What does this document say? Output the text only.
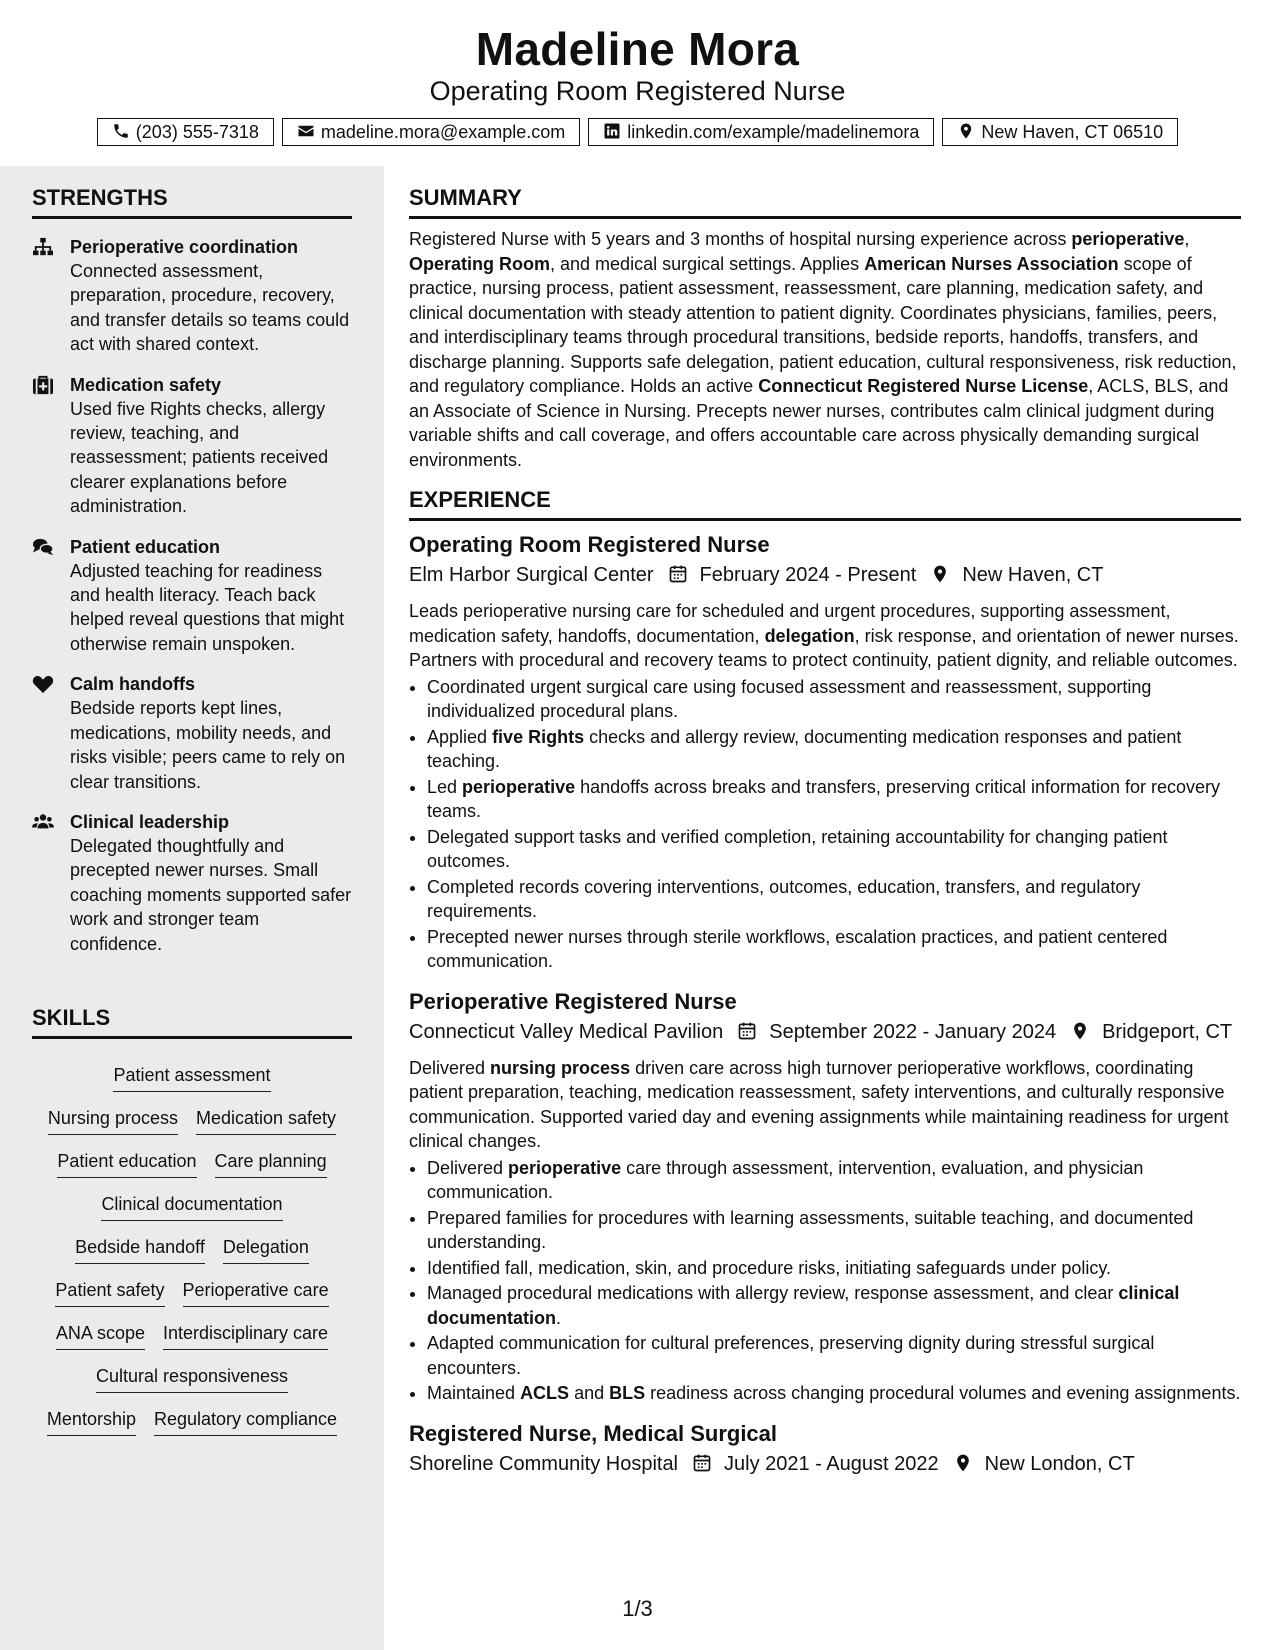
Madeline Mora
Operating Room Registered Nurse
(203) 555-7318	madeline.mora@example.com	linkedin.com/example/madelinemora	New Haven, CT 06510
STRENGTHS
Perioperative coordination
Connected assessment, preparation, procedure, recovery, and transfer details so teams could act with shared context.
Medication safety
Used five Rights checks, allergy review, teaching, and reassessment; patients received clearer explanations before administration.
Patient education
Adjusted teaching for readiness and health literacy. Teach back helped reveal questions that might otherwise remain unspoken.
Calm handoffs
Bedside reports kept lines, medications, mobility needs, and risks visible; peers came to rely on clear transitions.
Clinical leadership
Delegated thoughtfully and precepted newer nurses. Small coaching moments supported safer work and stronger team confidence.
SKILLS
Patient assessment
Nursing process Medication safety
Patient education Care planning
Clinical documentation
Bedside handoff Delegation
Patient safety Perioperative care
ANA scope Interdisciplinary care
Cultural responsiveness
Mentorship Regulatory compliance
SUMMARY

Registered Nurse with 5 years and 3 months of hospital nursing experience across perioperative, Operating Room, and medical surgical settings. Applies American Nurses Association scope of practice, nursing process, patient assessment, reassessment, care planning, medication safety, and clinical documentation with steady attention to patient dignity. Coordinates physicians, families, peers, and interdisciplinary teams through procedural transitions, bedside reports, handoffs, transfers, and discharge planning. Supports safe delegation, patient education, cultural responsiveness, risk reduction, and regulatory compliance. Holds an active Connecticut Registered Nurse License, ACLS, BLS, and an Associate of Science in Nursing. Precepts newer nurses, contributes calm clinical judgment during variable shifts and call coverage, and offers accountable care across physically demanding surgical environments.

EXPERIENCE
Operating Room Registered Nurse
Elm Harbor Surgical Center February 2024 - Present New Haven, CT

Leads perioperative nursing care for scheduled and urgent procedures, supporting assessment, medication safety, handoffs, documentation, delegation, risk response, and orientation of newer nurses. Partners with procedural and recovery teams to protect continuity, patient dignity, and reliable outcomes.

• Coordinated urgent surgical care using focused assessment and reassessment, supporting individualized procedural plans.
• Applied five Rights checks and allergy review, documenting medication responses and patient teaching.
• Led perioperative handoffs across breaks and transfers, preserving critical information for recovery teams.
• Delegated support tasks and verified completion, retaining accountability for changing patient outcomes.
• Completed records covering interventions, outcomes, education, transfers, and regulatory requirements.
• Precepted newer nurses through sterile workflows, escalation practices, and patient centered communication.
Perioperative Registered Nurse
Connecticut Valley Medical Pavilion September 2022 - January 2024 Bridgeport, CT

Delivered nursing process driven care across high turnover perioperative workflows, coordinating patient preparation, teaching, medication reassessment, safety interventions, and culturally responsive communication. Supported varied day and evening assignments while maintaining readiness for urgent clinical changes.

• Delivered perioperative care through assessment, intervention, evaluation, and physician communication.
• Prepared families for procedures with learning assessments, suitable teaching, and documented understanding.
• Identified fall, medication, skin, and procedure risks, initiating safeguards under policy.
• Managed procedural medications with allergy review, response assessment, and clear clinical documentation.
• Adapted communication for cultural preferences, preserving dignity during stressful surgical encounters.
• Maintained ACLS and BLS readiness across changing procedural volumes and evening assignments.
Registered Nurse, Medical Surgical
Shoreline Community Hospital July 2021 - August 2022 New London, CT
1/3
